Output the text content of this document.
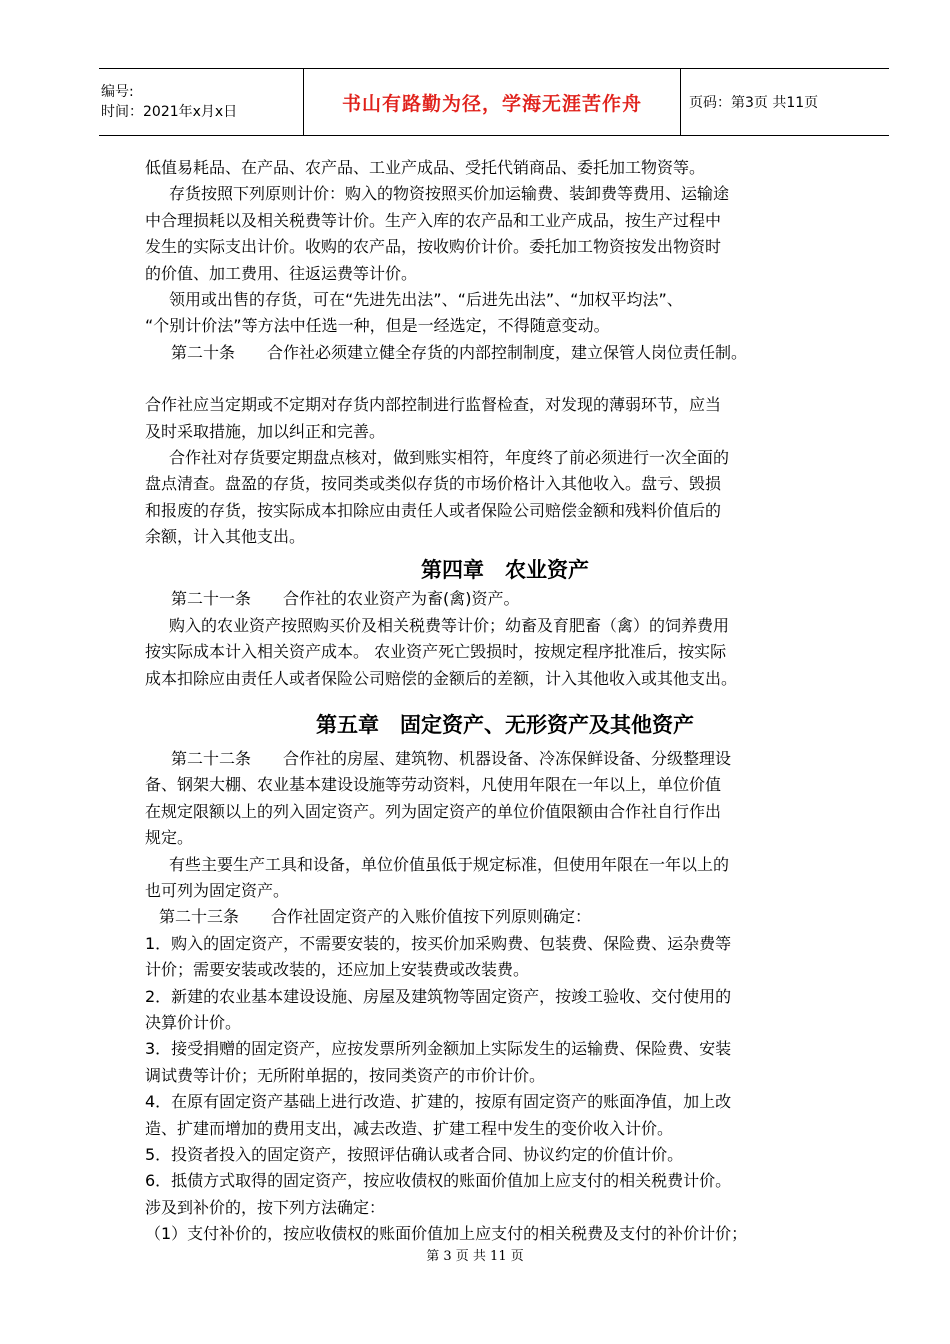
编号:
时间：2021年x月x日	书山有路勤为径，学海无涯苦作舟	页码：第3页 共11页
低值易耗品、在产品、农产品、工业产成品、受托代销商品、委托加工物资等。
存货按照下列原则计价：购入的物资按照买价加运输费、装卸费等费用、运输途
中合理损耗以及相关税费等计价。生产入库的农产品和工业产成品，按生产过程中
发生的实际支出计价。收购的农产品，按收购价计价。委托加工物资按发出物资时
的价值、加工费用、往返运费等计价。
领用或出售的存货，可在“先进先出法”、“后进先出法”、“加权平均法”、
“个别计价法”等方法中任选一种，但是一经选定，不得随意变动。
第二十条　　合作社必须建立健全存货的内部控制制度，建立保管人岗位责任制。
合作社应当定期或不定期对存货内部控制进行监督检查，对发现的薄弱环节，应当
及时采取措施，加以纠正和完善。
合作社对存货要定期盘点核对，做到账实相符，年度终了前必须进行一次全面的
盘点清查。盘盈的存货，按同类或类似存货的市场价格计入其他收入。盘亏、毁损
和报废的存货，按实际成本扣除应由责任人或者保险公司赔偿金额和残料价值后的
余额，计入其他支出。
第四章　农业资产
第二十一条　　合作社的农业资产为畜(禽)资产。
购入的农业资产按照购买价及相关税费等计价；幼畜及育肥畜（禽）的饲养费用
按实际成本计入相关资产成本。 农业资产死亡毁损时，按规定程序批准后，按实际
成本扣除应由责任人或者保险公司赔偿的金额后的差额，计入其他收入或其他支出。
第五章　固定资产、无形资产及其他资产
第二十二条　　合作社的房屋、建筑物、机器设备、冷冻保鲜设备、分级整理设
备、钢架大棚、农业基本建设设施等劳动资料，凡使用年限在一年以上，单位价值
在规定限额以上的列入固定资产。列为固定资产的单位价值限额由合作社自行作出
规定。
有些主要生产工具和设备，单位价值虽低于规定标准，但使用年限在一年以上的
也可列为固定资产。
第二十三条　　合作社固定资产的入账价值按下列原则确定：
1．购入的固定资产，不需要安装的，按买价加采购费、包装费、保险费、运杂费等
计价；需要安装或改装的，还应加上安装费或改装费。
2．新建的农业基本建设设施、房屋及建筑物等固定资产，按竣工验收、交付使用的
决算价计价。
3．接受捐赠的固定资产，应按发票所列金额加上实际发生的运输费、保险费、安装
调试费等计价；无所附单据的，按同类资产的市价计价。
4．在原有固定资产基础上进行改造、扩建的，按原有固定资产的账面净值，加上改
造、扩建而增加的费用支出，减去改造、扩建工程中发生的变价收入计价。
5．投资者投入的固定资产，按照评估确认或者合同、协议约定的价值计价。
6．抵债方式取得的固定资产，按应收债权的账面价值加上应支付的相关税费计价。
涉及到补价的，按下列方法确定：
（1）支付补价的，按应收债权的账面价值加上应支付的相关税费及支付的补价计价；
第 3 页 共 11 页
